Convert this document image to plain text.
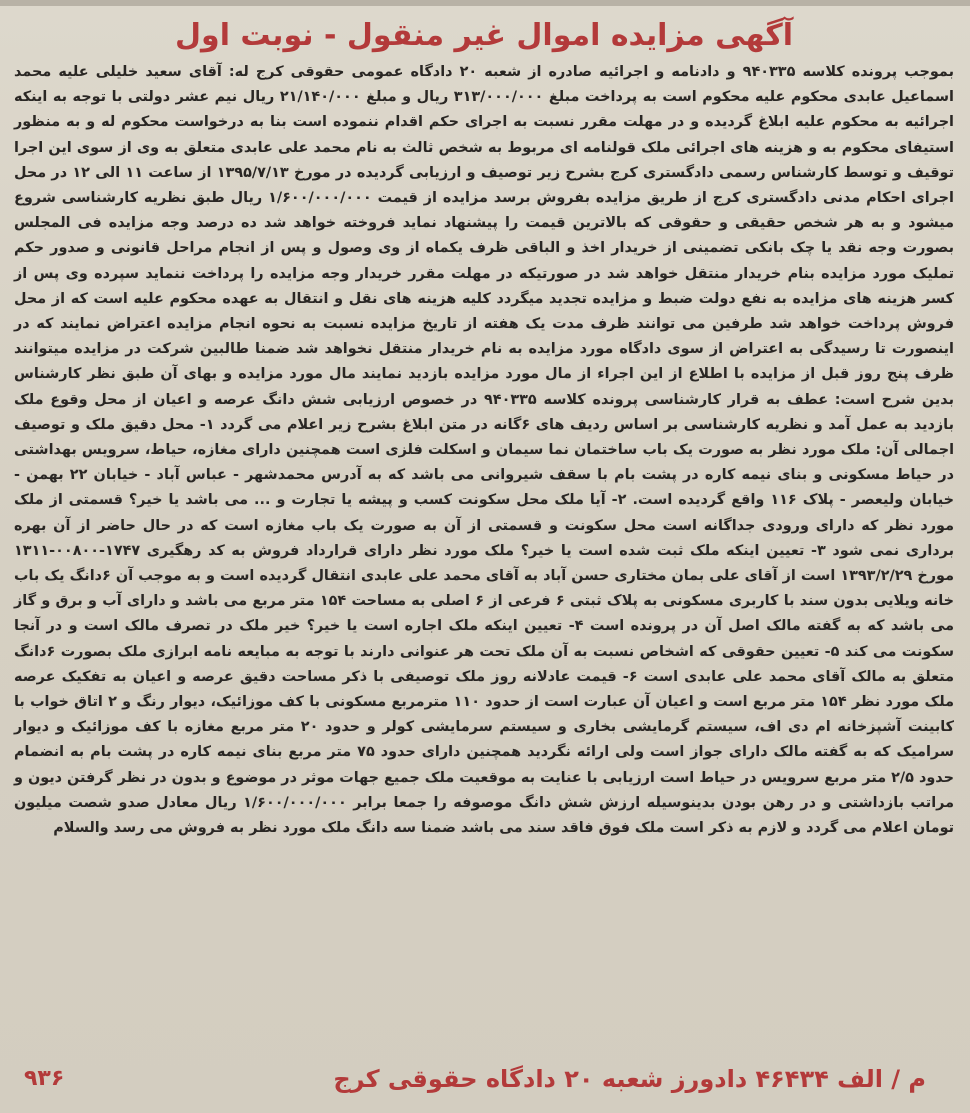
آگهی مزایده اموال غیر منقول - نوبت اول
بموجب پرونده کلاسه ۹۴۰۳۳۵ و دادنامه و اجرائیه صادره از شعبه ۲۰ دادگاه عمومی حقوقی کرج له: آقای سعید خلیلی علیه محمد اسماعیل عابدی محکوم علیه محکوم است به پرداخت مبلغ ۳۱۳/۰۰۰/۰۰۰ ریال و مبلغ ۲۱/۱۴۰/۰۰۰ ریال نیم عشر دولتی با توجه به اینکه اجرائیه به محکوم علیه ابلاغ گردیده و در مهلت مقرر نسبت به اجرای حکم اقدام ننموده است بنا به درخواست محکوم له و به منظور استیفای محکوم به و هزینه های اجرائی ملک قولنامه ای مربوط به شخص ثالث به نام محمد علی عابدی متعلق به وی از سوی این اجرا توقیف و توسط کارشناس رسمی دادگستری کرج بشرح زیر توصیف و ارزیابی گردیده در مورخ ۱۳۹۵/۷/۱۳ از ساعت ۱۱ الی ۱۲ در محل اجرای احکام مدنی دادگستری کرج از طریق مزایده بفروش برسد مزایده از قیمت ۱/۶۰۰/۰۰۰/۰۰۰ ریال طبق نظریه کارشناسی شروع میشود و به هر شخص حقیقی و حقوقی که بالاترین قیمت را پیشنهاد نماید فروخته خواهد شد ده درصد وجه مزایده فی المجلس بصورت وجه نقد یا چک بانکی تضمینی از خریدار اخذ و الباقی ظرف یکماه از وی وصول و پس از انجام مراحل قانونی و صدور حکم تملیک مورد مزایده بنام خریدار منتقل خواهد شد در صورتیکه در مهلت مقرر خریدار وجه مزایده را پرداخت ننماید سپرده وی پس از کسر هزینه های مزایده به نفع دولت ضبط و مزایده تجدید میگردد کلیه هزینه های نقل و انتقال به عهده محکوم علیه است که از محل فروش پرداخت خواهد شد طرفین می توانند ظرف مدت یک هفته از تاریخ مزایده نسبت به نحوه انجام مزایده اعتراض نمایند که در اینصورت تا رسیدگی به اعتراض از سوی دادگاه مورد مزایده به نام خریدار منتقل نخواهد شد ضمنا طالبین شرکت در مزایده میتوانند ظرف پنج روز قبل از مزایده با اطلاع از این اجراء از مال مورد مزایده بازدید نمایند مال مورد مزایده و بهای آن طبق نظر کارشناس بدین شرح است: عطف به قرار کارشناسی پرونده کلاسه ۹۴۰۳۳۵ در خصوص ارزیابی شش دانگ عرصه و اعیان از محل وقوع ملک بازدید به عمل آمد و نظریه کارشناسی بر اساس ردیف های ۶گانه در متن ابلاغ بشرح زیر اعلام می گردد ۱- محل دقیق ملک و توصیف اجمالی آن: ملک مورد نظر به صورت یک باب ساختمان نما سیمان و اسکلت فلزی است همچنین دارای مغازه، حیاط، سرویس بهداشتی در حیاط مسکونی و بنای نیمه کاره در پشت بام با سقف شیروانی می باشد که به آدرس محمدشهر - عباس آباد - خیابان ۲۲ بهمن - خیابان ولیعصر - پلاک ۱۱۶ واقع گردیده است. ۲- آیا ملک محل سکونت کسب و پیشه یا تجارت و ... می باشد یا خیر؟ قسمتی از ملک مورد نظر که دارای ورودی جداگانه است محل سکونت و قسمتی از آن به صورت یک باب مغازه است که در حال حاضر از آن بهره برداری نمی شود ۳- تعیین اینکه ملک ثبت شده است یا خیر؟ ملک مورد نظر دارای قرارداد فروش به کد رهگیری ۱۷۴۷-۰۰۸۰۰-۱۳۱۱ مورخ ۱۳۹۳/۲/۲۹ است از آقای علی بمان مختاری حسن آباد به آقای محمد علی عابدی انتقال گردیده است و به موجب آن ۶دانگ یک باب خانه ویلایی بدون سند با کاربری مسکونی به پلاک ثبتی ۶ فرعی از ۶ اصلی به مساحت ۱۵۴ متر مربع می باشد و دارای آب و برق و گاز می باشد که به گفته مالک اصل آن در پرونده است ۴- تعیین اینکه ملک اجاره است یا خیر؟ خیر ملک در تصرف مالک است و در آنجا سکونت می کند ۵- تعیین حقوقی که اشخاص نسبت به آن ملک تحت هر عنوانی دارند با توجه به مبایعه نامه ابرازی ملک بصورت ۶دانگ متعلق به مالک آقای محمد علی عابدی است ۶- قیمت عادلانه روز ملک توصیفی با ذکر مساحت دقیق عرصه و اعیان به تفکیک عرصه ملک مورد نظر ۱۵۴ متر مربع است و اعیان آن عبارت است از حدود ۱۱۰ مترمربع مسکونی با کف موزائیک، دیوار رنگ و ۲ اتاق خواب با کابینت آشپزخانه ام دی اف، سیستم گرمایشی بخاری و سیستم سرمایشی کولر و حدود ۲۰ متر مربع مغازه با کف موزائیک و دیوار سرامیک که به گفته مالک دارای جواز است ولی ارائه نگردید همچنین دارای حدود ۷۵ متر مربع بنای نیمه کاره در پشت بام به انضمام حدود ۲/۵ متر مربع سرویس در حیاط است ارزیابی با عنایت به موقعیت ملک جمیع جهات موثر در موضوع و بدون در نظر گرفتن دیون و مراتب بازداشتی و در رهن بودن بدینوسیله ارزش شش دانگ موصوفه را جمعا برابر ۱/۶۰۰/۰۰۰/۰۰۰ ریال معادل صدو شصت میلیون تومان اعلام می گردد و لازم به ذکر است ملک فوق فاقد سند می باشد ضمنا سه دانگ ملک مورد نظر به فروش می رسد والسلام
م / الف ۴۶۴۳۴ دادورز شعبه ۲۰ دادگاه حقوقی کرج
۹۳۶
